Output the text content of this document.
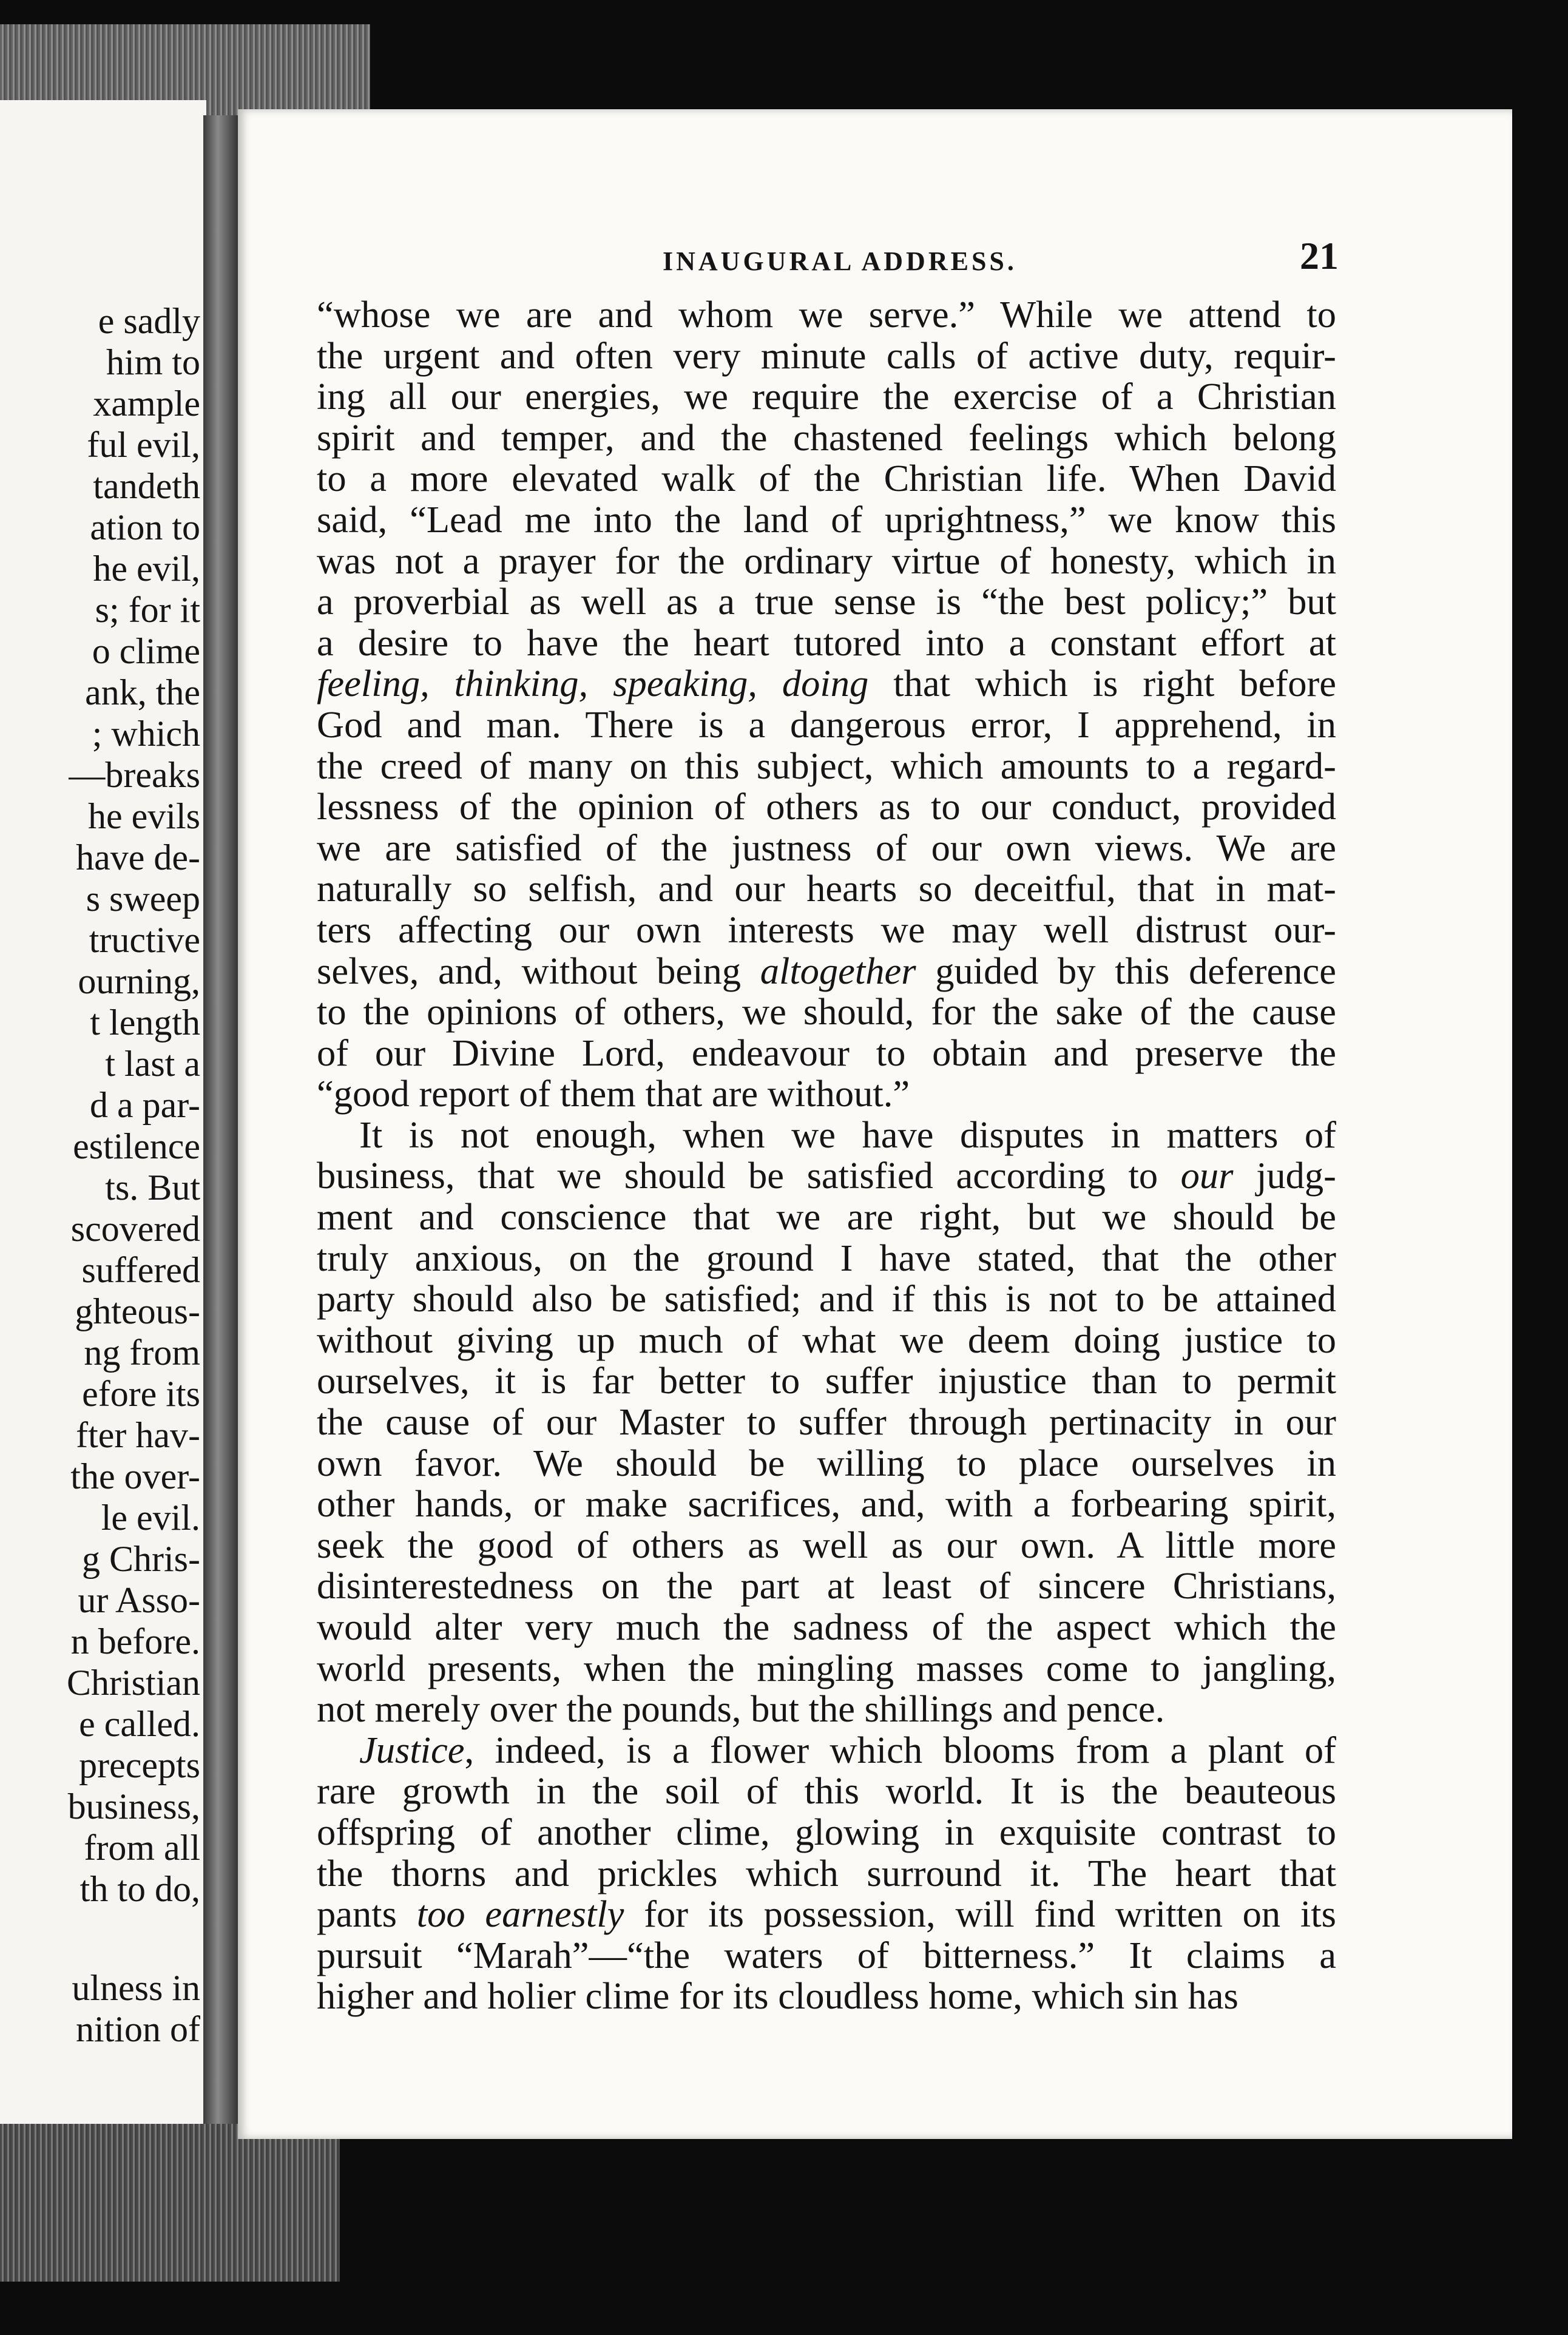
e sadly
him to
xample
ful evil,
tandeth
ation to
he evil,
s; for it
o clime
ank, the
; which
—breaks
he evils
have de-
s sweep
tructive
ourning,
t length
t last a
d a par-
estilence
ts. But
scovered
suffered
ghteous-
ng from
efore its
fter hav-
the over-
le evil.
g Chris-
ur Asso-
n before.
Christian
e called.
precepts
business,
from all
th to do,
ulness in
nition of
INAUGURAL ADDRESS.	21
“whose we are and whom we serve.” While we attend to
the urgent and often very minute calls of active duty, requir-
ing all our energies, we require the exercise of a Christian
spirit and temper, and the chastened feelings which belong
to a more elevated walk of the Christian life. When David
said, “Lead me into the land of uprightness,” we know this
was not a prayer for the ordinary virtue of honesty, which in
a proverbial as well as a true sense is “the best policy;” but
a desire to have the heart tutored into a constant effort at
feeling, thinking, speaking, doing that which is right before
God and man. There is a dangerous error, I apprehend, in
the creed of many on this subject, which amounts to a regard-
lessness of the opinion of others as to our conduct, provided
we are satisfied of the justness of our own views. We are
naturally so selfish, and our hearts so deceitful, that in mat-
ters affecting our own interests we may well distrust our-
selves, and, without being altogether guided by this deference
to the opinions of others, we should, for the sake of the cause
of our Divine Lord, endeavour to obtain and preserve the
“good report of them that are without.”
It is not enough, when we have disputes in matters of
business, that we should be satisfied according to our judg-
ment and conscience that we are right, but we should be
truly anxious, on the ground I have stated, that the other
party should also be satisfied; and if this is not to be attained
without giving up much of what we deem doing justice to
ourselves, it is far better to suffer injustice than to permit
the cause of our Master to suffer through pertinacity in our
own favor. We should be willing to place ourselves in
other hands, or make sacrifices, and, with a forbearing spirit,
seek the good of others as well as our own. A little more
disinterestedness on the part at least of sincere Christians,
would alter very much the sadness of the aspect which the
world presents, when the mingling masses come to jangling,
not merely over the pounds, but the shillings and pence.
Justice, indeed, is a flower which blooms from a plant of
rare growth in the soil of this world. It is the beauteous
offspring of another clime, glowing in exquisite contrast to
the thorns and prickles which surround it. The heart that
pants too earnestly for its possession, will find written on its
pursuit “Marah”—“the waters of bitterness.” It claims a
higher and holier clime for its cloudless home, which sin has
